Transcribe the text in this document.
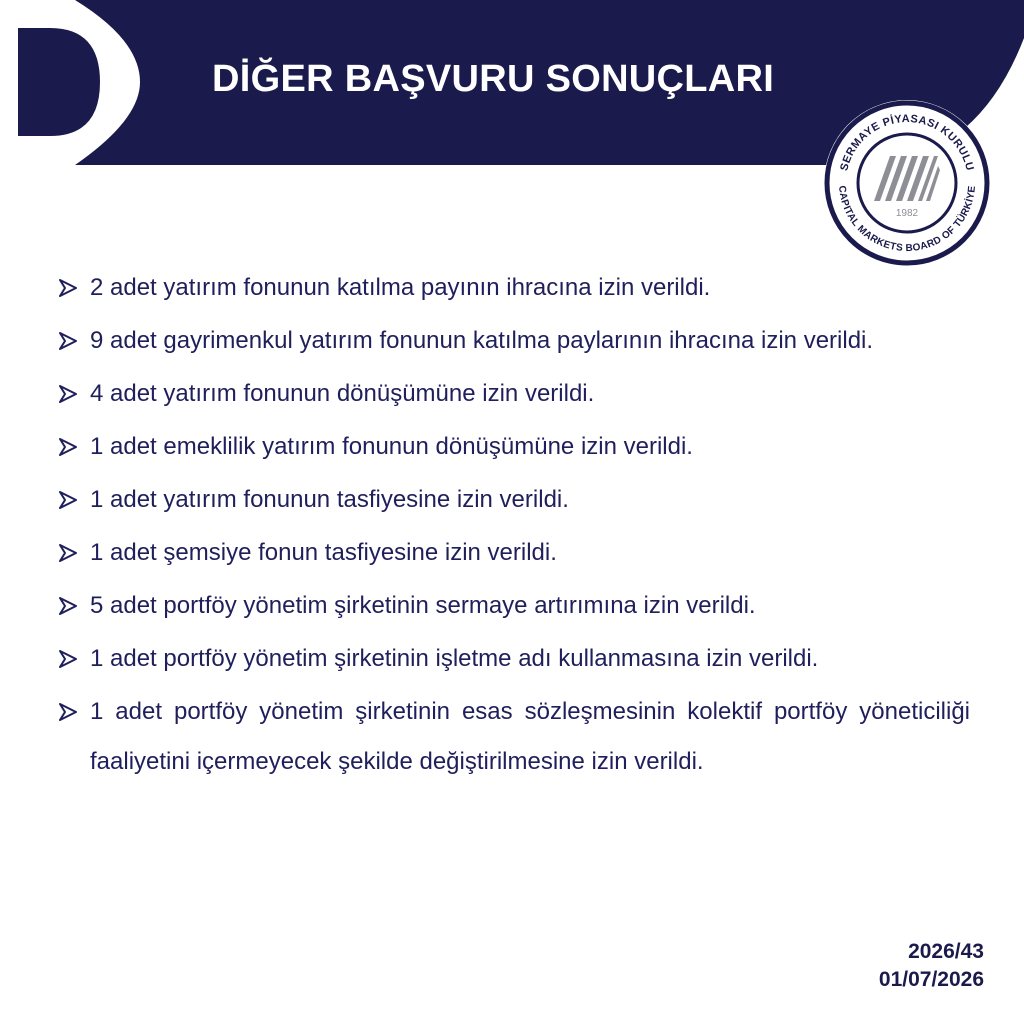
DİĞER BAŞVURU SONUÇLARI
SERMAYE PİYASASI KURULU
CAPITAL MARKETS BOARD OF TÜRKİYE
1982
2 adet yatırım fonunun katılma payının ihracına izin verildi.
9 adet gayrimenkul yatırım fonunun katılma paylarının ihracına izin verildi.
4 adet yatırım fonunun dönüşümüne izin verildi.
1 adet emeklilik yatırım fonunun dönüşümüne izin verildi.
1 adet yatırım fonunun tasfiyesine izin verildi.
1 adet şemsiye fonun tasfiyesine izin verildi.
5 adet portföy yönetim şirketinin sermaye artırımına izin verildi.
1 adet portföy yönetim şirketinin işletme adı kullanmasına izin verildi.
1 adet portföy yönetim şirketinin esas sözleşmesinin kolektif portföy yöneticiliği faaliyetini içermeyecek şekilde değiştirilmesine izin verildi.
2026/43
01/07/2026
